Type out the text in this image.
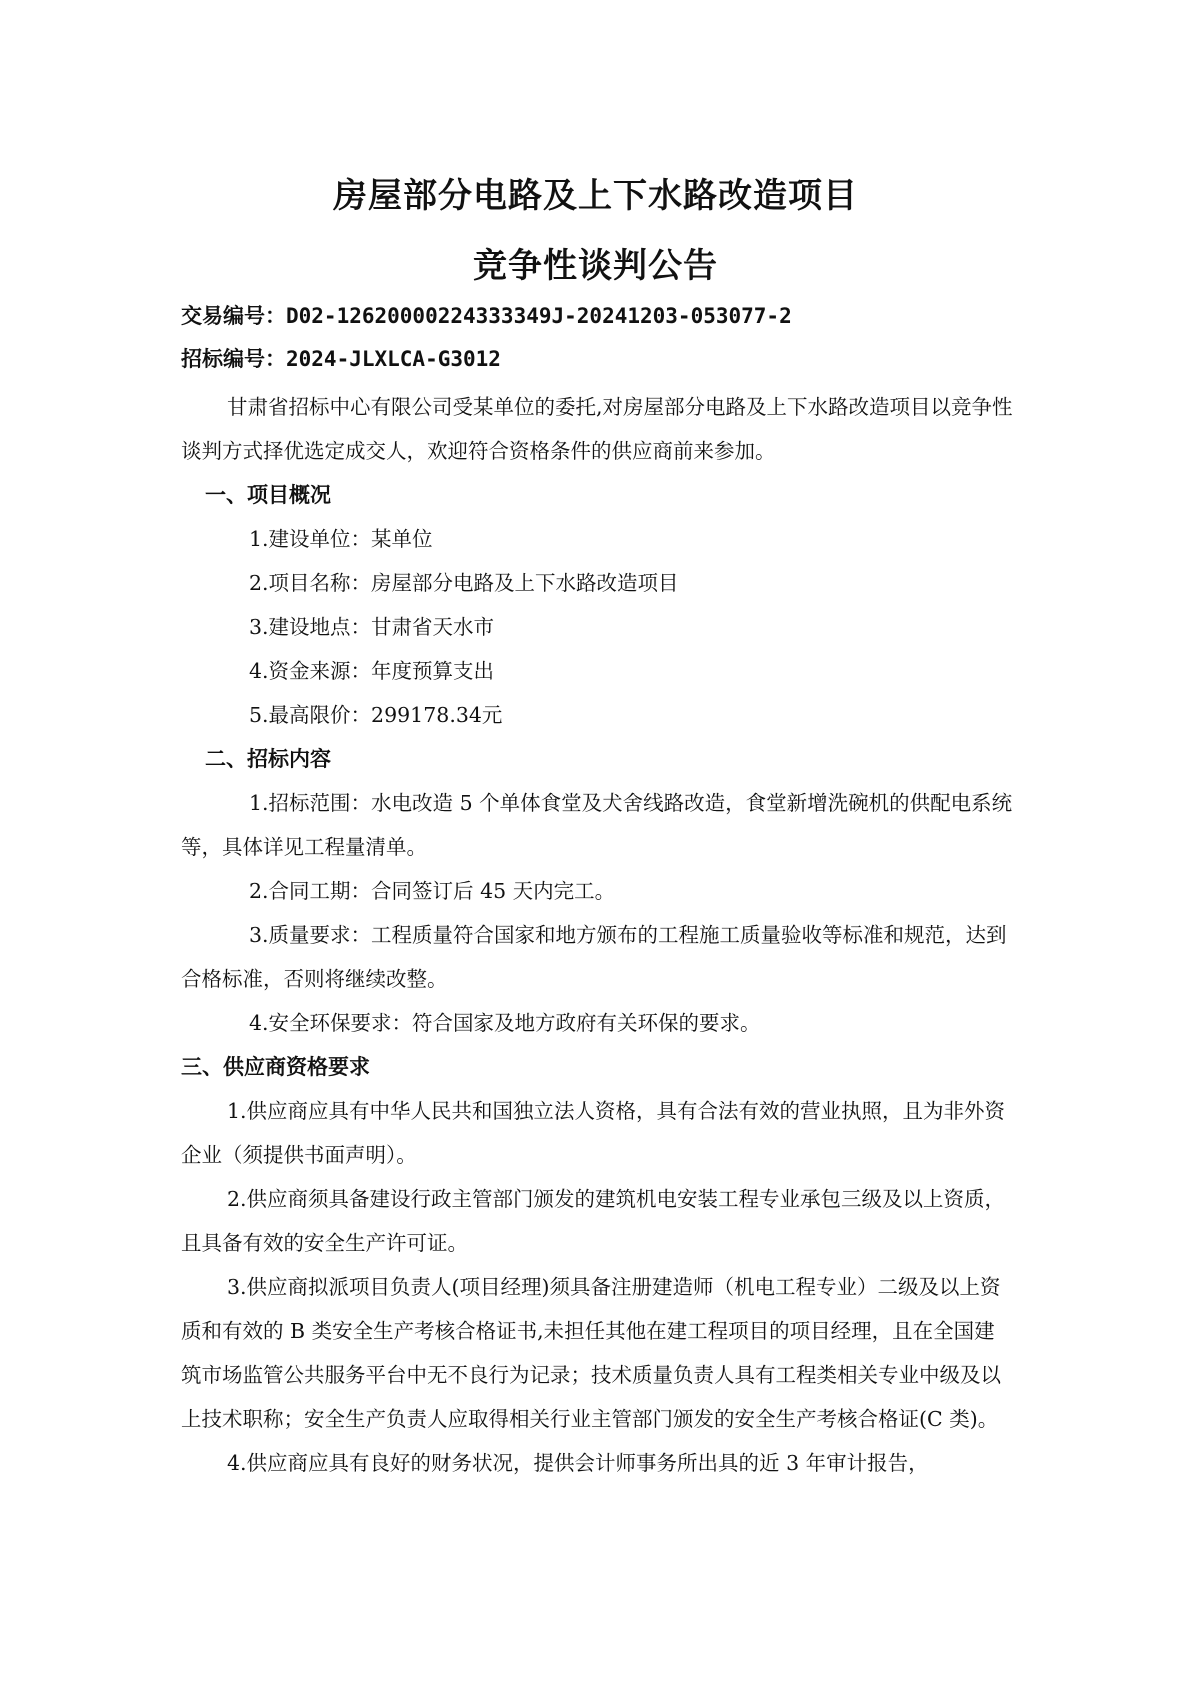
房屋部分电路及上下水路改造项目
竞争性谈判公告

交易编号：D02-12620000224333349J-20241203-053077-2

招标编号：2024-JLXLCA-G3012

甘肃省招标中心有限公司受某单位的委托,对房屋部分电路及上下水路改造项目以竞争性谈判方式择优选定成交人，欢迎符合资格条件的供应商前来参加。

一、项目概况

1.建设单位：某单位

2.项目名称：房屋部分电路及上下水路改造项目

3.建设地点：甘肃省天水市

4.资金来源：年度预算支出

5.最高限价：299178.34元

二、招标内容

1.招标范围：水电改造 5 个单体食堂及犬舍线路改造，食堂新增洗碗机的供配电系统等，具体详见工程量清单。

2.合同工期：合同签订后 45 天内完工。

3.质量要求：工程质量符合国家和地方颁布的工程施工质量验收等标准和规范，达到合格标准，否则将继续改整。

4.安全环保要求：符合国家及地方政府有关环保的要求。

三、供应商资格要求

1.供应商应具有中华人民共和国独立法人资格，具有合法有效的营业执照，且为非外资企业（须提供书面声明）。

2.供应商须具备建设行政主管部门颁发的建筑机电安装工程专业承包三级及以上资质，且具备有效的安全生产许可证。

3.供应商拟派项目负责人(项目经理)须具备注册建造师（机电工程专业）二级及以上资质和有效的 B 类安全生产考核合格证书,未担任其他在建工程项目的项目经理，且在全国建筑市场监管公共服务平台中无不良行为记录；技术质量负责人具有工程类相关专业中级及以上技术职称；安全生产负责人应取得相关行业主管部门颁发的安全生产考核合格证(C 类)。

4.供应商应具有良好的财务状况，提供会计师事务所出具的近 3 年审计报告，
